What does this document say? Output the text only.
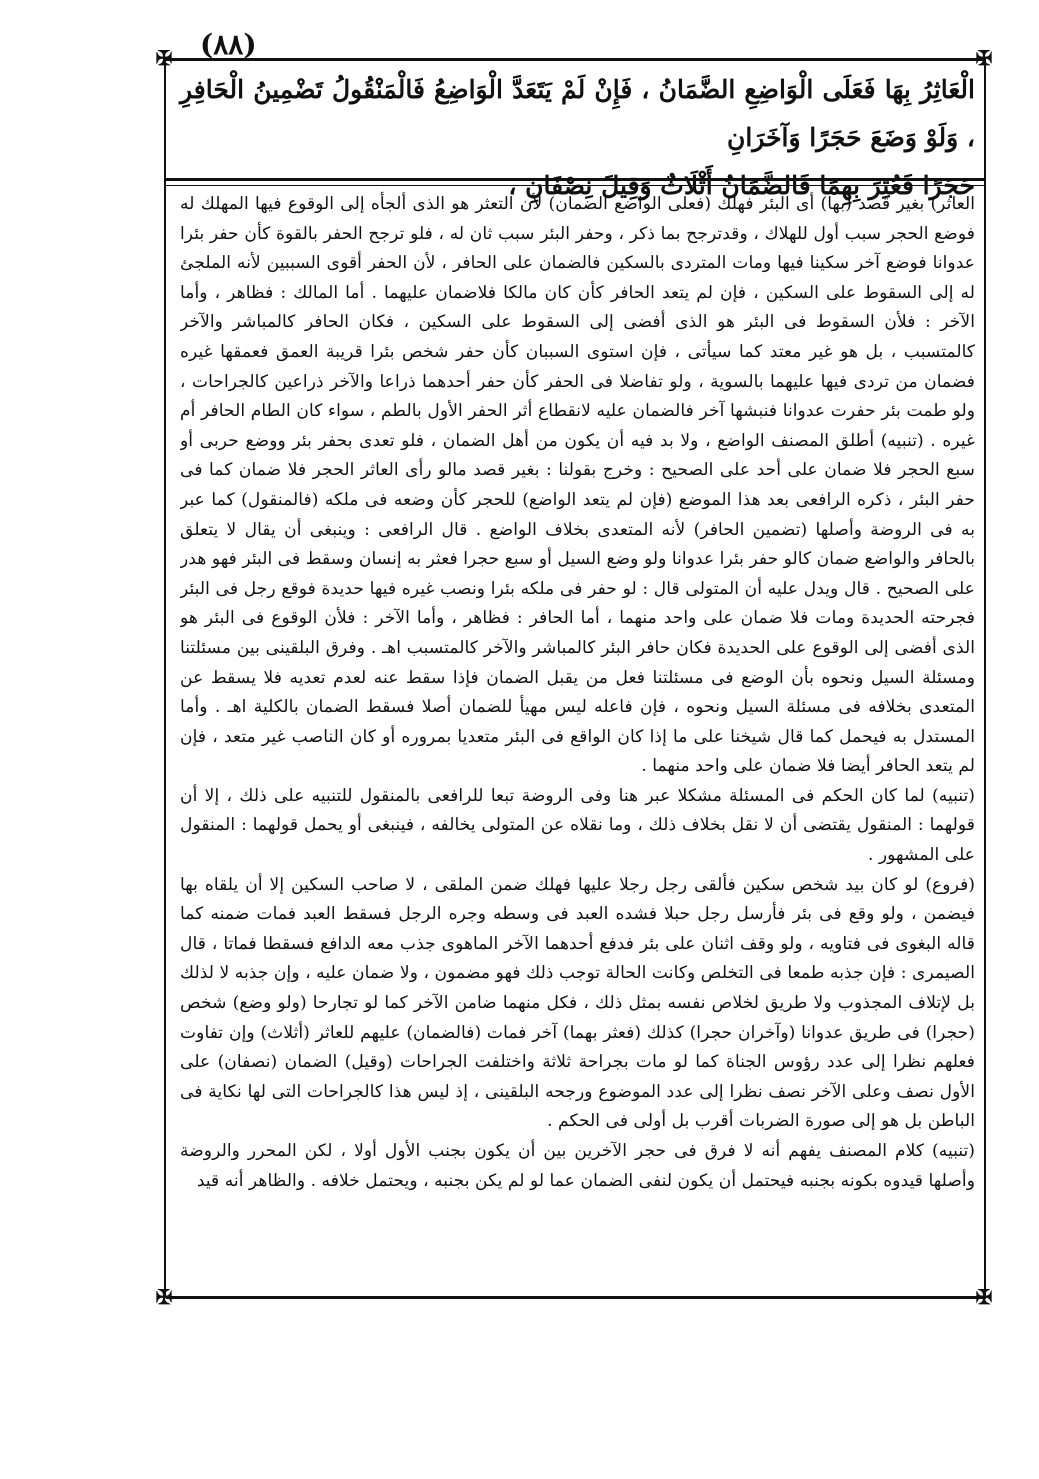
(٨٨)
✠	✠
✠	✠

الْعَاثِرُ بِهَا فَعَلَى الْوَاضِعِ الضَّمَانُ ، فَإِنْ لَمْ يَتَعَدَّ الْوَاضِعُ فَالْمَنْقُولُ تَضْمِينُ الْحَافِرِ ، وَلَوْ وَضَعَ حَجَرًا وَآخَرَانِ

حَجَرًا فَعُثِرَ بِهِمَا فَالضَّمَانُ أَثْلَاثٌ وَقِيلَ نِصْفَانِ ،

العاثر) بغير قصد (بها) أى البئر فهلك (فعلى الواضع الضمان) لأن التعثر هو الذى ألجأه إلى الوقوع فيها المهلك له فوضع الحجر سبب أول للهلاك ، وقدترجح بما ذكر ، وحفر البئر سبب ثان له ، فلو ترجح الحفر بالقوة كأن حفر بئرا عدوانا فوضع آخر سكينا فيها ومات المتردى بالسكين فالضمان على الحافر ، لأن الحفر أقوى السببين لأنه الملجئ له إلى السقوط على السكين ، فإن لم يتعد الحافر كأن كان مالكا فلاضمان عليهما . أما المالك : فظاهر ، وأما الآخر : فلأن السقوط فى البئر هو الذى أفضى إلى السقوط على السكين ، فكان الحافر كالمباشر والآخر كالمتسبب ، بل هو غير معتد كما سيأتى ، فإن استوى السببان كأن حفر شخص بئرا قريبة العمق فعمقها غيره فضمان من تردى فيها عليهما بالسوية ، ولو تفاضلا فى الحفر كأن حفر أحدهما ذراعا والآخر ذراعين كالجراحات ، ولو طمت بئر حفرت عدوانا فنبشها آخر فالضمان عليه لانقطاع أثر الحفر الأول بالطم ، سواء كان الطام الحافر أم غيره . (تنبيه) أطلق المصنف الواضع ، ولا بد فيه أن يكون من أهل الضمان ، فلو تعدى بحفر بئر ووضع حربى أو سبع الحجر فلا ضمان على أحد على الصحيح : وخرج بقولنا : بغير قصد مالو رأى العاثر الحجر فلا ضمان كما فى حفر البئر ، ذكره الرافعى بعد هذا الموضع (فإن لم يتعد الواضع) للحجر كأن وضعه فى ملكه (فالمنقول) كما عبر به فى الروضة وأصلها (تضمين الحافر) لأنه المتعدى بخلاف الواضع . قال الرافعى : وينبغى أن يقال لا يتعلق بالحافر والواضع ضمان كالو حفر بئرا عدوانا ولو وضع السيل أو سبع حجرا فعثر به إنسان وسقط فى البئر فهو هدر على الصحيح . قال ويدل عليه أن المتولى قال : لو حفر فى ملكه بئرا ونصب غيره فيها حديدة فوقع رجل فى البئر فجرحته الحديدة ومات فلا ضمان على واحد منهما ، أما الحافر : فظاهر ، وأما الآخر : فلأن الوقوع فى البئر هو الذى أفضى إلى الوقوع على الحديدة فكان حافر البئر كالمباشر والآخر كالمتسبب اهـ . وفرق البلقينى بين مسئلتنا ومسئلة السيل ونحوه بأن الوضع فى مسئلتنا فعل من يقبل الضمان فإذا سقط عنه لعدم تعديه فلا يسقط عن المتعدى بخلافه فى مسئلة السيل ونحوه ، فإن فاعله ليس مهيأ للضمان أصلا فسقط الضمان بالكلية اهـ . وأما المستدل به فيحمل كما قال شيخنا على ما إذا كان الواقع فى البئر متعديا بمروره أو كان الناصب غير متعد ، فإن لم يتعد الحافر أيضا فلا ضمان على واحد منهما .

(تنبيه) لما كان الحكم فى المسئلة مشكلا عبر هنا وفى الروضة تبعا للرافعى بالمنقول للتنبيه على ذلك ، إلا أن قولهما : المنقول يقتضى أن لا نقل بخلاف ذلك ، وما نقلاه عن المتولى يخالفه ، فينبغى أو يحمل قولهما : المنقول على المشهور .

(فروع) لو كان بيد شخص سكين فألقى رجل رجلا عليها فهلك ضمن الملقى ، لا صاحب السكين إلا أن يلقاه بها فيضمن ، ولو وقع فى بئر فأرسل رجل حبلا فشده العبد فى وسطه وجره الرجل فسقط العبد فمات ضمنه كما قاله البغوى فى فتاويه ، ولو وقف اثنان على بئر فدفع أحدهما الآخر الماهوى جذب معه الدافع فسقطا فماتا ، قال الصيمرى : فإن جذبه طمعا فى التخلص وكانت الحالة توجب ذلك فهو مضمون ، ولا ضمان عليه ، وإن جذبه لا لذلك بل لإتلاف المجذوب ولا طريق لخلاص نفسه بمثل ذلك ، فكل منهما ضامن الآخر كما لو تجارحا (ولو وضع) شخص (حجرا) فى طريق عدوانا (وآخران حجرا) كذلك (فعثر بهما) آخر فمات (فالضمان) عليهم للعاثر (أثلاث) وإن تفاوت فعلهم نظرا إلى عدد رؤوس الجناة كما لو مات بجراحة ثلاثة واختلفت الجراحات (وقيل) الضمان (نصفان) على الأول نصف وعلى الآخر نصف نظرا إلى عدد الموضوع ورجحه البلقينى ، إذ ليس هذا كالجراحات التى لها نكاية فى الباطن بل هو إلى صورة الضربات أقرب بل أولى فى الحكم .

(تنبيه) كلام المصنف يفهم أنه لا فرق فى حجر الآخرين بين أن يكون بجنب الأول أولا ، لكن المحرر والروضة وأصلها قيدوه بكونه بجنبه فيحتمل أن يكون لنفى الضمان عما لو لم يكن بجنبه ، ويحتمل خلافه . والظاهر أنه قيد
